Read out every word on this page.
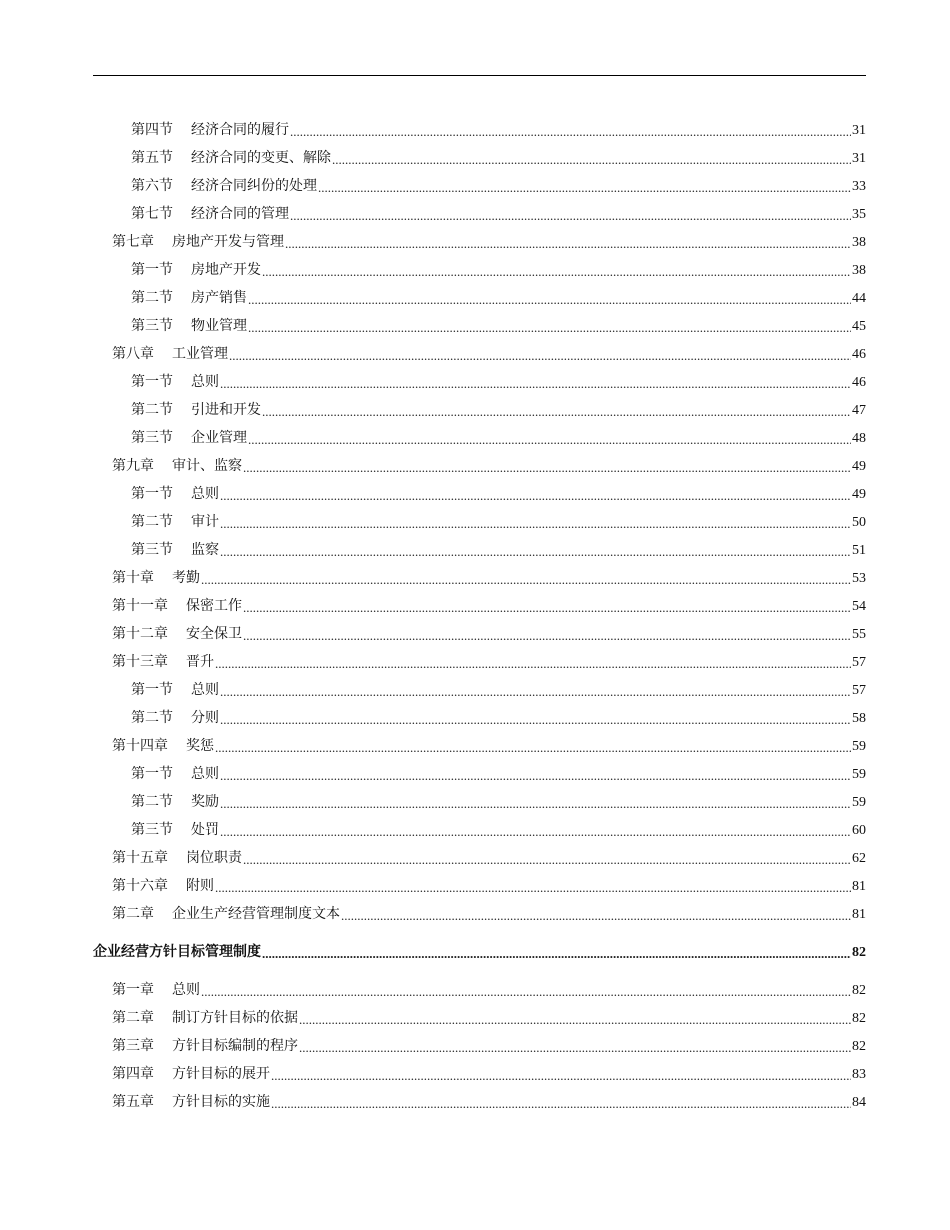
第四节 经济合同的履行 .....	31
第五节 经济合同的变更、解除 .....	31
第六节 经济合同纠份的处理 .....	33
第七节 经济合同的管理 .....	35
第七章 房地产开发与管理 .....	38
第一节 房地产开发 .....	38
第二节 房产销售 .....	44
第三节 物业管理 .....	45
第八章 工业管理 .....	46
第一节 总则 .....	46
第二节 引进和开发 .....	47
第三节 企业管理 .....	48
第九章 审计、监察 .....	49
第一节 总则 .....	49
第二节 审计 .....	50
第三节 监察 .....	51
第十章 考勤 .....	53
第十一章 保密工作 .....	54
第十二章 安全保卫 .....	55
第十三章 晋升 .....	57
第一节 总则 .....	57
第二节 分则 .....	58
第十四章 奖惩 .....	59
第一节 总则 .....	59
第二节 奖励 .....	59
第三节 处罚 .....	60
第十五章 岗位职责 .....	62
第十六章 附则 .....	81
第二章 企业生产经营管理制度文本 .....	81
企业经营方针目标管理制度 .....	82
第一章 总则 .....	82
第二章 制订方针目标的依据 .....	82
第三章 方针目标编制的程序 .....	82
第四章 方针目标的展开 .....	83
第五章 方针目标的实施 .....	84
